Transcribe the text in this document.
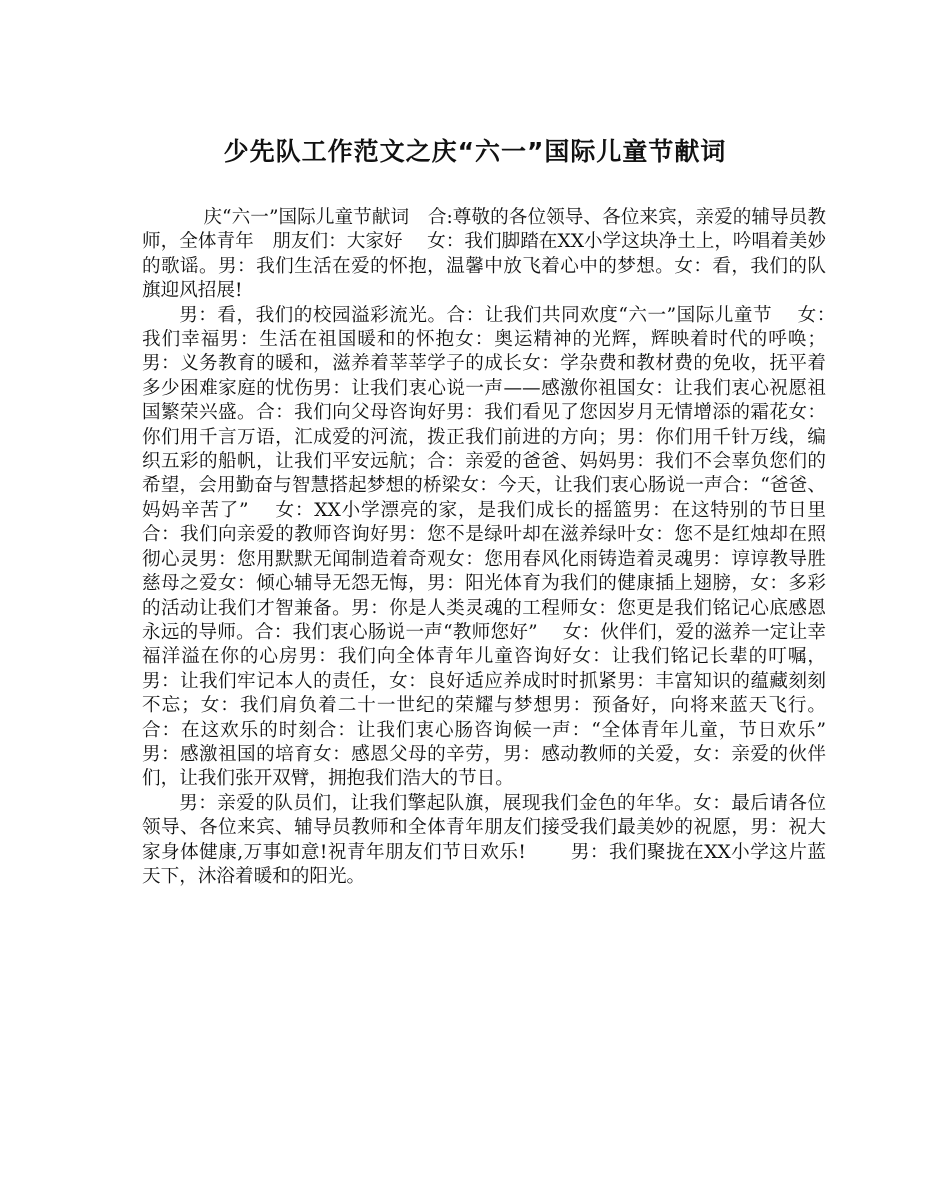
少先队工作范文之庆“六一”国际儿童节献词

庆“六一”国际儿童节献词　合:尊敬的各位领导、各位来宾，亲爱的辅导员教师，全体青年　朋友们：大家好　 女：我们脚踏在XX小学这块净土上，吟唱着美妙的歌谣。男：我们生活在爱的怀抱，温馨中放飞着心中的梦想。女：看，我们的队旗迎风招展!

男：看，我们的校园溢彩流光。合：让我们共同欢度“六一”国际儿童节　 女：　我们幸福男：生活在祖国暖和的怀抱女：奥运精神的光辉，辉映着时代的呼唤；男：义务教育的暖和，滋养着莘莘学子的成长女：学杂费和教材费的免收，抚平着多少困难家庭的忧伤男：让我们衷心说一声——感激你祖国女：让我们衷心祝愿祖国繁荣兴盛。合：我们向父母咨询好男：我们看见了您因岁月无情增添的霜花女：你们用千言万语，汇成爱的河流，拨正我们前进的方向；男：你们用千针万线，编织五彩的船帆，让我们平安远航；合：亲爱的爸爸、妈妈男：我们不会辜负您们的希望，会用勤奋与智慧搭起梦想的桥梁女：今天，让我们衷心肠说一声合：“爸爸、妈妈辛苦了”　 女：XX小学漂亮的家，是我们成长的摇篮男：在这特别的节日里合：我们向亲爱的教师咨询好男：您不是绿叶却在滋养绿叶女：您不是红烛却在照彻心灵男：您用默默无闻制造着奇观女：您用春风化雨铸造着灵魂男：谆谆教导胜慈母之爱女：倾心辅导无怨无悔，男：阳光体育为我们的健康插上翅膀，女：多彩的活动让我们才智兼备。男：你是人类灵魂的工程师女：您更是我们铭记心底感恩永远的导师。合：我们衷心肠说一声“教师您好”　 女：伙伴们，爱的滋养一定让幸福洋溢在你的心房男：我们向全体青年儿童咨询好女：让我们铭记长辈的叮嘱，男：让我们牢记本人的责任，女：良好适应养成时时抓紧男：丰富知识的蕴藏刻刻不忘；女：我们肩负着二十一世纪的荣耀与梦想男：预备好，向将来蓝天飞行。合：在这欢乐的时刻合：让我们衷心肠咨询候一声：“全体青年儿童，节日欢乐”　 男：感激祖国的培育女：感恩父母的辛劳，男：感动教师的关爱，女：亲爱的伙伴们，让我们张开双臂，拥抱我们浩大的节日。

男：亲爱的队员们，让我们擎起队旗，展现我们金色的年华。女：最后请各位领导、各位来宾、辅导员教师和全体青年朋友们接受我们最美妙的祝愿，男：祝大家身体健康,万事如意!祝青年朋友们节日欢乐!　　 男：我们聚拢在XX小学这片蓝天下，沐浴着暖和的阳光。
